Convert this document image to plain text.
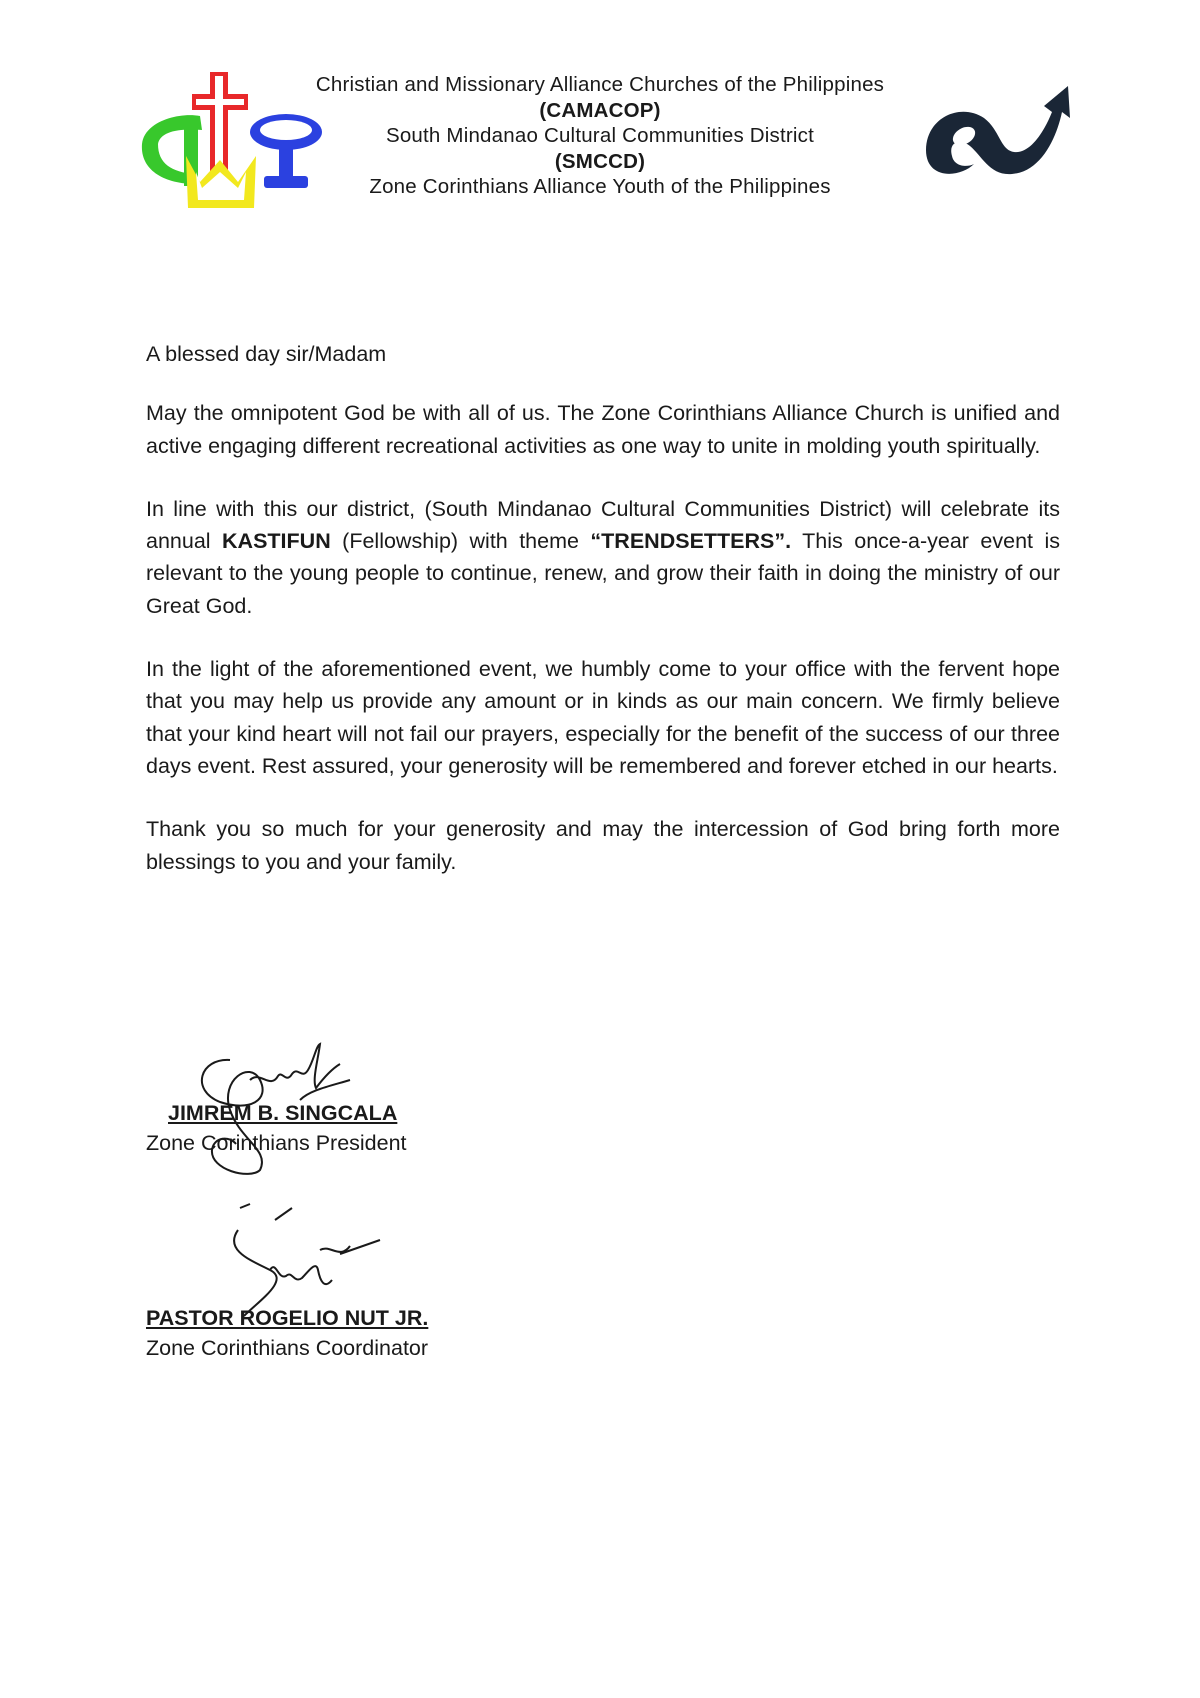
Christian and Missionary Alliance Churches of the Philippines
(CAMACOP)
South Mindanao Cultural Communities District
(SMCCD)
Zone Corinthians Alliance Youth of the Philippines

A blessed day sir/Madam

May the omnipotent God be with all of us. The Zone Corinthians Alliance Church is unified and active engaging different recreational activities as one way to unite in molding youth spiritually.

In line with this our district, (South Mindanao Cultural Communities District) will celebrate its annual KASTIFUN (Fellowship) with theme “TRENDSETTERS”. This once-a-year event is relevant to the young people to continue, renew, and grow their faith in doing the ministry of our Great God.

In the light of the aforementioned event, we humbly come to your office with the fervent hope that you may help us provide any amount or in kinds as our main concern. We firmly believe that your kind heart will not fail our prayers, especially for the benefit of the success of our three days event. Rest assured, your generosity will be remembered and forever etched in our hearts.

Thank you so much for your generosity and may the intercession of God bring forth more blessings to you and your family.

JIMREM B. SINGCALA
Zone Corinthians President
PASTOR ROGELIO NUT JR.
Zone Corinthians Coordinator
